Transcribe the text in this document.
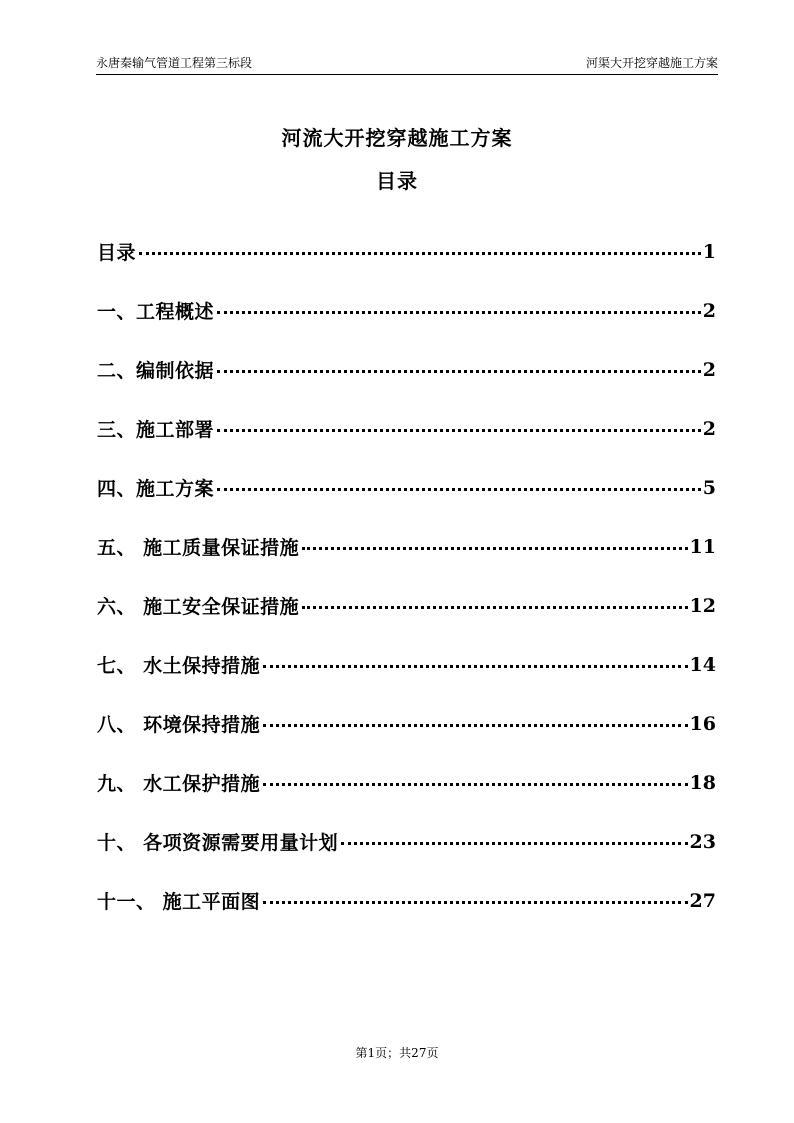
永唐秦输气管道工程第三标段	河渠大开挖穿越施工方案
河流大开挖穿越施工方案
目录
目录	1
一、工程概述	2
二、编制依据	2
三、施工部署	2
四、施工方案	5
五、 施工质量保证措施	11
六、 施工安全保证措施	12
七、 水土保持措施	14
八、 环境保持措施	16
九、 水工保护措施	18
十、 各项资源需要用量计划	23
十一、 施工平面图	27
第1页；共27页
